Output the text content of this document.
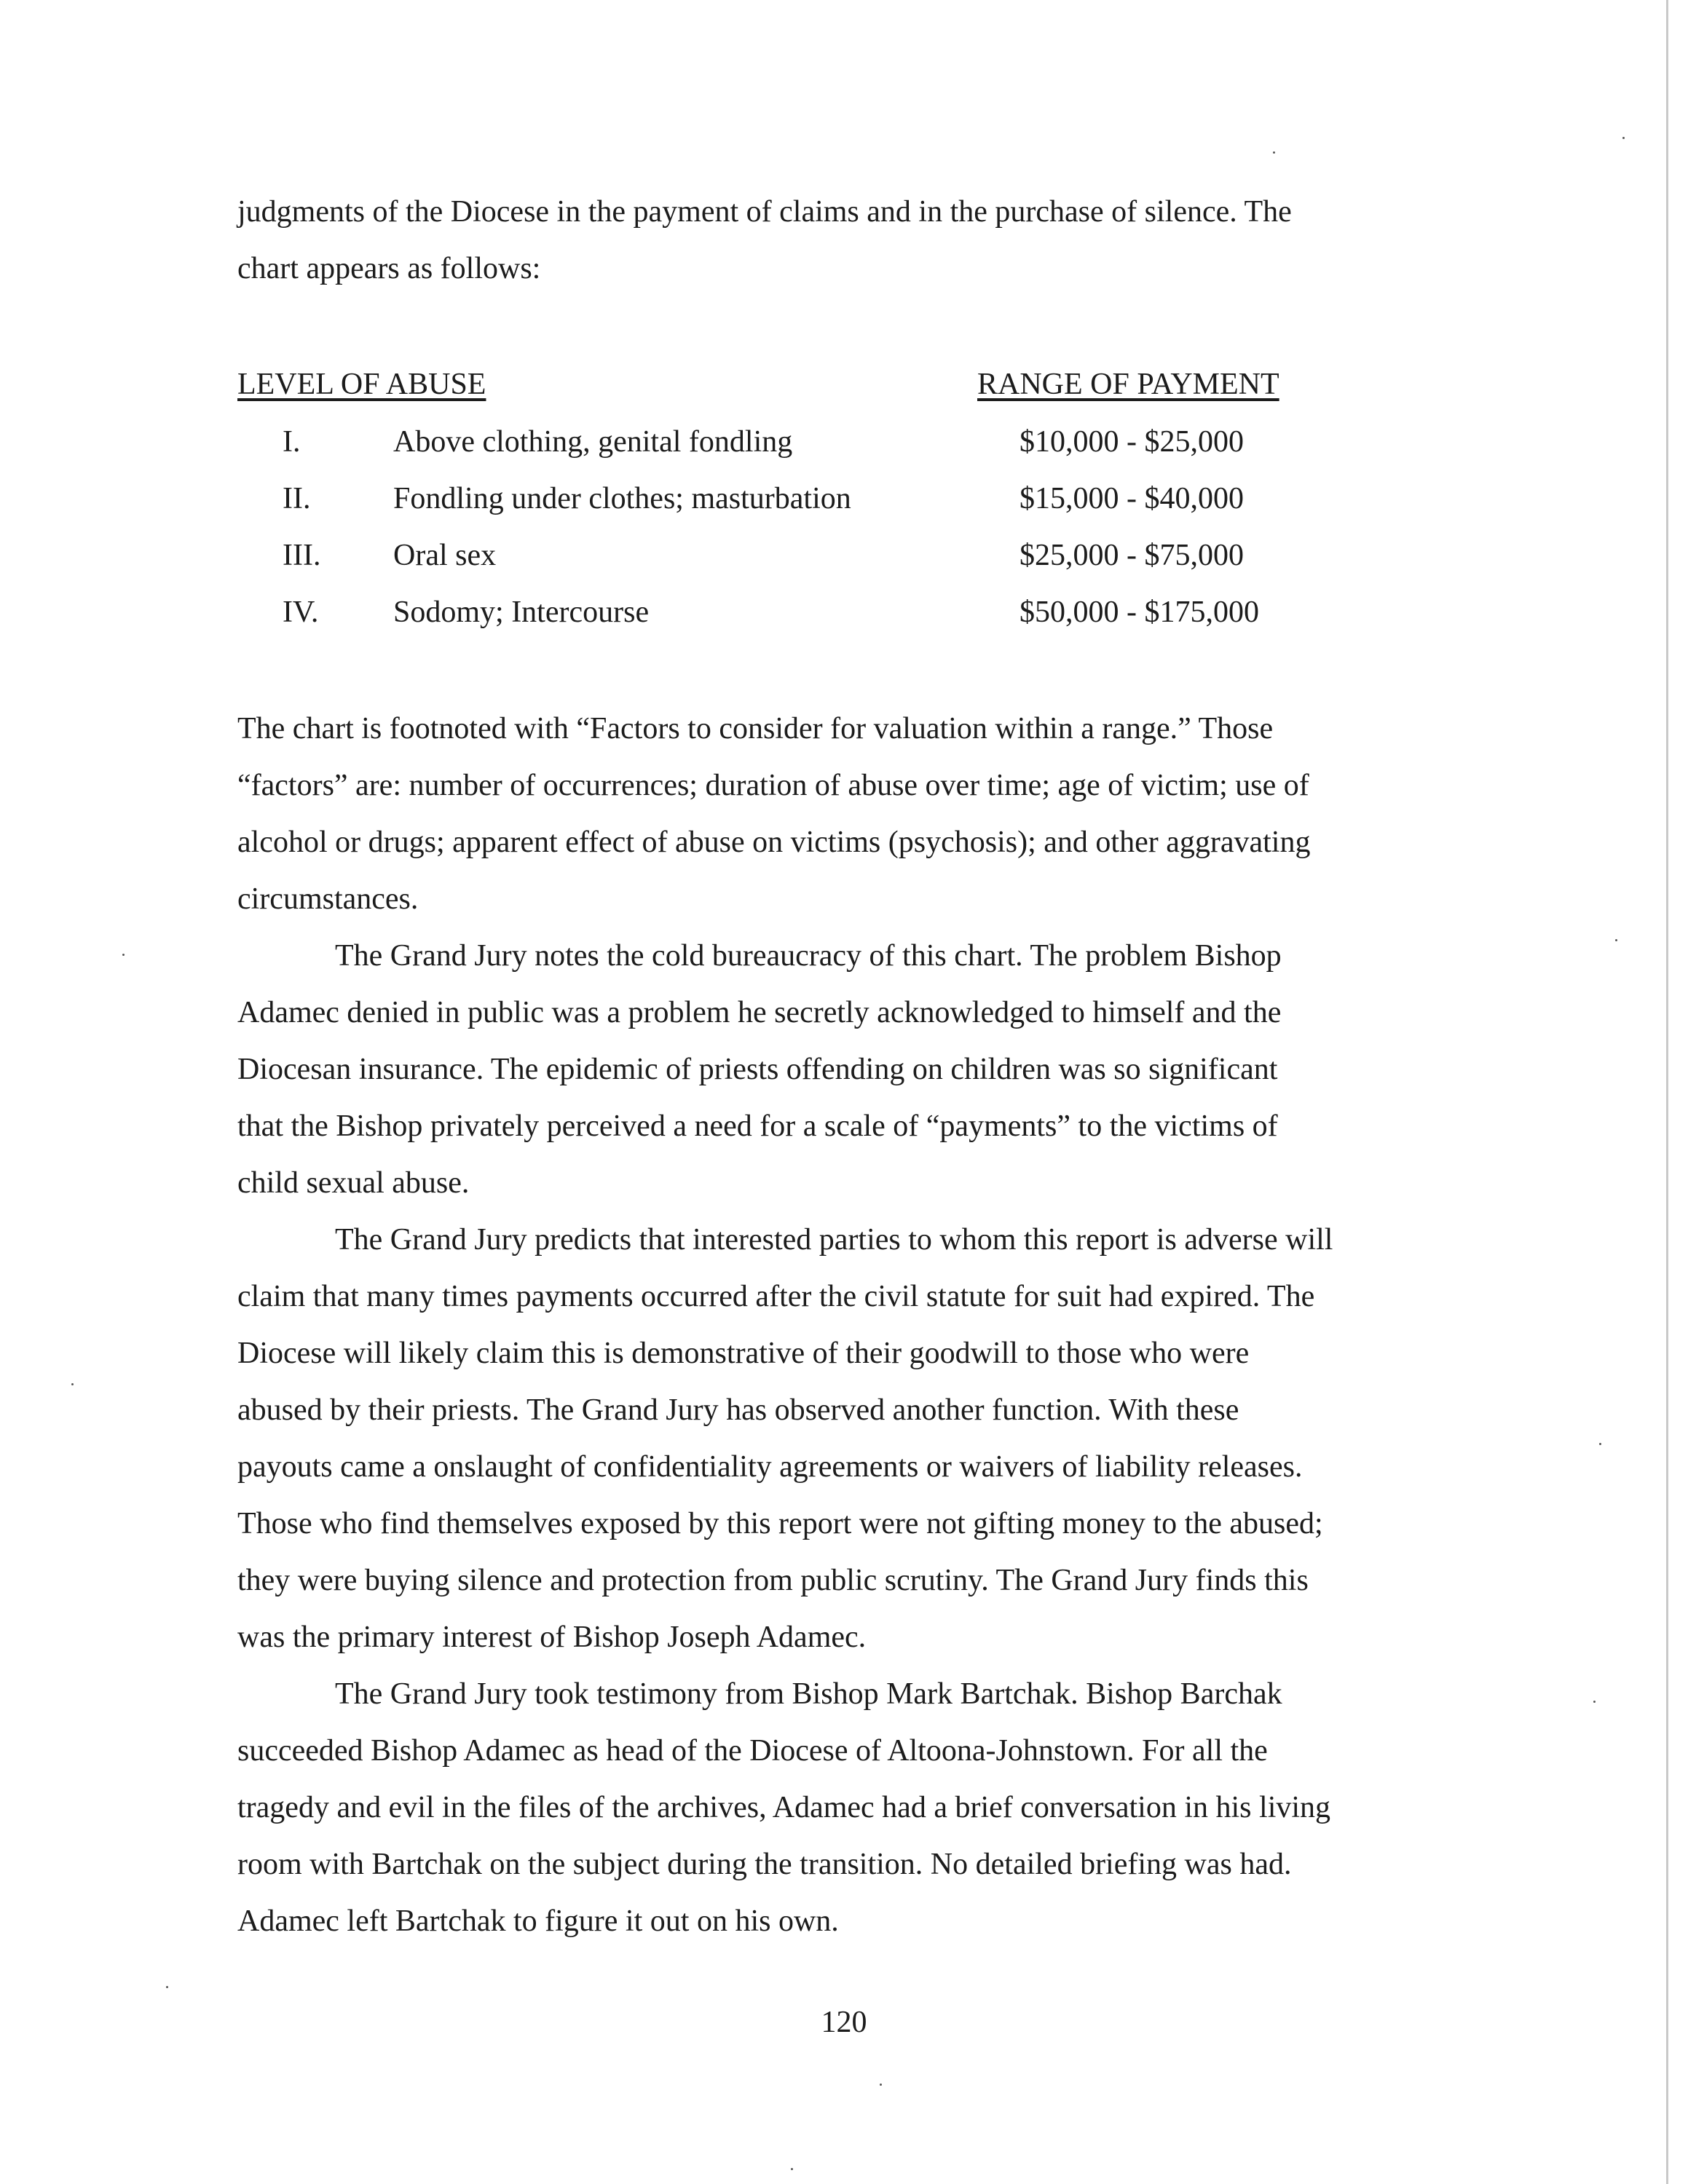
judgments of the Diocese in the payment of claims and in the purchase of silence. The

chart appears as follows:

LEVEL OF ABUSE	RANGE OF PAYMENT
I.	Above clothing, genital fondling	$10,000 - $25,000
II.	Fondling under clothes; masturbation	$15,000 - $40,000
III. Oral sex	$25,000 - $75,000
IV. Sodomy; Intercourse	$50,000 - $175,000

The chart is footnoted with “Factors to consider for valuation within a range.” Those

“factors” are: number of occurrences; duration of abuse over time; age of victim; use of

alcohol or drugs; apparent effect of abuse on victims (psychosis); and other aggravating

circumstances.

The Grand Jury notes the cold bureaucracy of this chart. The problem Bishop

Adamec denied in public was a problem he secretly acknowledged to himself and the

Diocesan insurance. The epidemic of priests offending on children was so significant

that the Bishop privately perceived a need for a scale of “payments” to the victims of

child sexual abuse.

The Grand Jury predicts that interested parties to whom this report is adverse will

claim that many times payments occurred after the civil statute for suit had expired. The

Diocese will likely claim this is demonstrative of their goodwill to those who were

abused by their priests. The Grand Jury has observed another function. With these

payouts came a onslaught of confidentiality agreements or waivers of liability releases.

Those who find themselves exposed by this report were not gifting money to the abused;

they were buying silence and protection from public scrutiny. The Grand Jury finds this

was the primary interest of Bishop Joseph Adamec.

The Grand Jury took testimony from Bishop Mark Bartchak. Bishop Barchak

succeeded Bishop Adamec as head of the Diocese of Altoona-Johnstown. For all the

tragedy and evil in the files of the archives, Adamec had a brief conversation in his living

room with Bartchak on the subject during the transition. No detailed briefing was had.

Adamec left Bartchak to figure it out on his own.

120
